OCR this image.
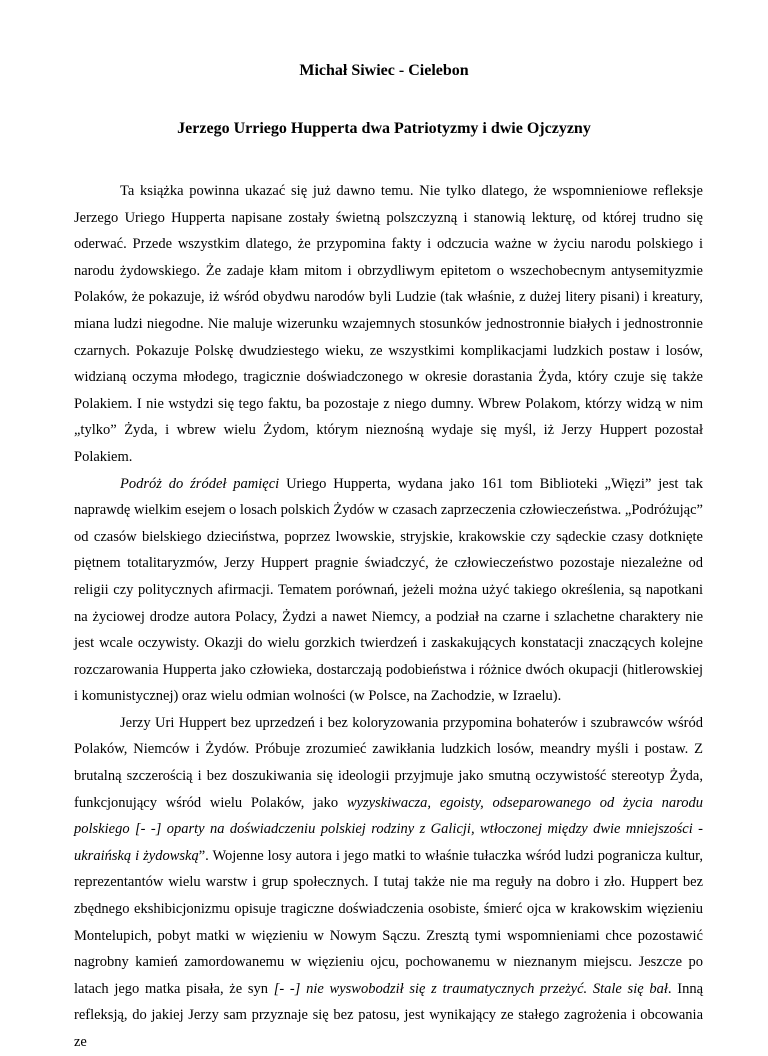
Michał Siwiec - Cielebon
Jerzego Urriego Hupperta dwa Patriotyzmy i dwie Ojczyzny

Ta książka powinna ukazać się już dawno temu. Nie tylko dlatego, że wspomnieniowe refleksje Jerzego Uriego Hupperta napisane zostały świetną polszczyzną i stanowią lekturę, od której trudno się oderwać. Przede wszystkim dlatego, że przypomina fakty i odczucia ważne w życiu narodu polskiego i narodu żydowskiego. Że zadaje kłam mitom i obrzydliwym epitetom o wszechobecnym antysemityzmie Polaków, że pokazuje, iż wśród obydwu narodów byli Ludzie (tak właśnie, z dużej litery pisani) i kreatury, miana ludzi niegodne. Nie maluje wizerunku wzajemnych stosunków jednostronnie białych i jednostronnie czarnych. Pokazuje Polskę dwudziestego wieku, ze wszystkimi komplikacjami ludzkich postaw i losów, widzianą oczyma młodego, tragicznie doświadczonego w okresie dorastania Żyda, który czuje się także Polakiem. I nie wstydzi się tego faktu, ba pozostaje z niego dumny. Wbrew Polakom, którzy widzą w nim „tylko” Żyda, i wbrew wielu Żydom, którym nieznośną wydaje się myśl, iż Jerzy Huppert pozostał Polakiem.

Podróż do źródeł pamięci Uriego Hupperta, wydana jako 161 tom Biblioteki „Więzi” jest tak naprawdę wielkim esejem o losach polskich Żydów w czasach zaprzeczenia człowieczeństwa. „Podróżując” od czasów bielskiego dzieciństwa, poprzez lwowskie, stryjskie, krakowskie czy sądeckie czasy dotknięte piętnem totalitaryzmów, Jerzy Huppert pragnie świadczyć, że człowieczeństwo pozostaje niezależne od religii czy politycznych afirmacji. Tematem porównań, jeżeli można użyć takiego określenia, są napotkani na życiowej drodze autora Polacy, Żydzi a nawet Niemcy, a podział na czarne i szlachetne charaktery nie jest wcale oczywisty. Okazji do wielu gorzkich twierdzeń i zaskakujących konstatacji znaczących kolejne rozczarowania Hupperta jako człowieka, dostarczają podobieństwa i różnice dwóch okupacji (hitlerowskiej i komunistycznej) oraz wielu odmian wolności (w Polsce, na Zachodzie, w Izraelu).

Jerzy Uri Huppert bez uprzedzeń i bez koloryzowania przypomina bohaterów i szubrawców wśród Polaków, Niemców i Żydów. Próbuje zrozumieć zawikłania ludzkich losów, meandry myśli i postaw. Z brutalną szczerością i bez doszukiwania się ideologii przyjmuje jako smutną oczywistość stereotyp Żyda, funkcjonujący wśród wielu Polaków, jako wyzyskiwacza, egoisty, odseparowanego od życia narodu polskiego [- -] oparty na doświadczeniu polskiej rodziny z Galicji, wtłoczonej między dwie mniejszości - ukraińską i żydowską”. Wojenne losy autora i jego matki to właśnie tułaczka wśród ludzi pogranicza kultur, reprezentantów wielu warstw i grup społecznych. I tutaj także nie ma reguły na dobro i zło. Huppert bez zbędnego ekshibicjonizmu opisuje tragiczne doświadczenia osobiste, śmierć ojca w krakowskim więzieniu Montelupich, pobyt matki w więzieniu w Nowym Sączu. Zresztą tymi wspomnieniami chce pozostawić nagrobny kamień zamordowanemu w więzieniu ojcu, pochowanemu w nieznanym miejscu. Jeszcze po latach jego matka pisała, że syn [- -] nie wyswobodził się z traumatycznych przeżyć. Stale się bał. Inną refleksją, do jakiej Jerzy sam przyznaje się bez patosu, jest wynikający ze stałego zagrożenia i obcowania ze
